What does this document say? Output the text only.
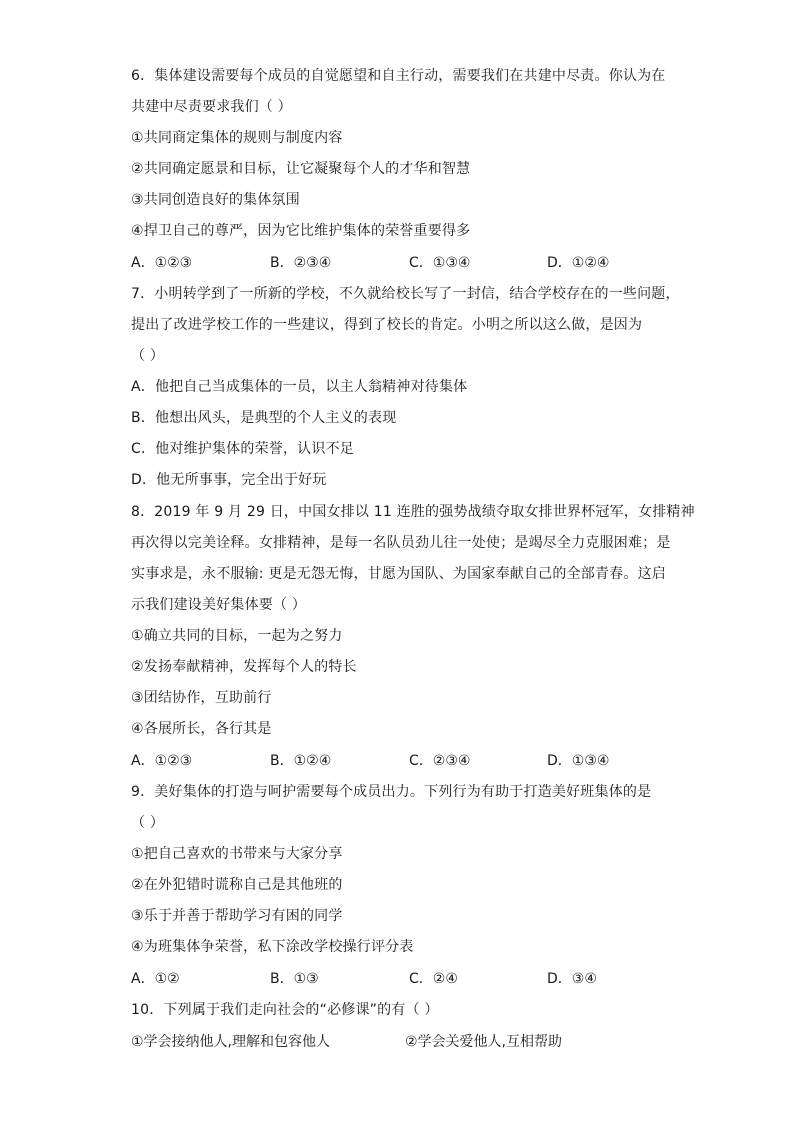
6．集体建设需要每个成员的自觉愿望和自主行动，需要我们在共建中尽责。你认为在
共建中尽责要求我们（ ）
①共同商定集体的规则与制度内容
②共同确定愿景和目标，让它凝聚每个人的才华和智慧
③共同创造良好的集体氛围
④捍卫自己的尊严，因为它比维护集体的荣誉重要得多
A．①②③	B．②③④	C．①③④	D．①②④
7．小明转学到了一所新的学校，不久就给校长写了一封信，结合学校存在的一些问题，
提出了改进学校工作的一些建议，得到了校长的肯定。小明之所以这么做，是因为
（ ）
A．他把自己当成集体的一员，以主人翁精神对待集体
B．他想出风头，是典型的个人主义的表现
C．他对维护集体的荣誉，认识不足
D．他无所事事，完全出于好玩
8．2019 年 9 月 29 日，中国女排以 11 连胜的强势战绩夺取女排世界杯冠军，女排精神
再次得以完美诠释。女排精神，是每一名队员劲儿往一处使；是竭尽全力克服困难；是
实事求是，永不服输: 更是无怨无悔，甘愿为国队、为国家奉献自己的全部青春。这启
示我们建设美好集体要（ ）
①确立共同的目标，一起为之努力
②发扬奉献精神，发挥每个人的特长
③团结协作，互助前行
④各展所长，各行其是
A．①②③	B．①②④	C．②③④	D．①③④
9．美好集体的打造与呵护需要每个成员出力。下列行为有助于打造美好班集体的是
（ ）
①把自己喜欢的书带来与大家分享
②在外犯错时谎称自己是其他班的
③乐于并善于帮助学习有困的同学
④为班集体争荣誉，私下涂改学校操行评分表
A．①②	B．①③	C．②④	D．③④
10．下列属于我们走向社会的“必修课”的有（ ）
①学会接纳他人,理解和包容他人	②学会关爱他人,互相帮助
